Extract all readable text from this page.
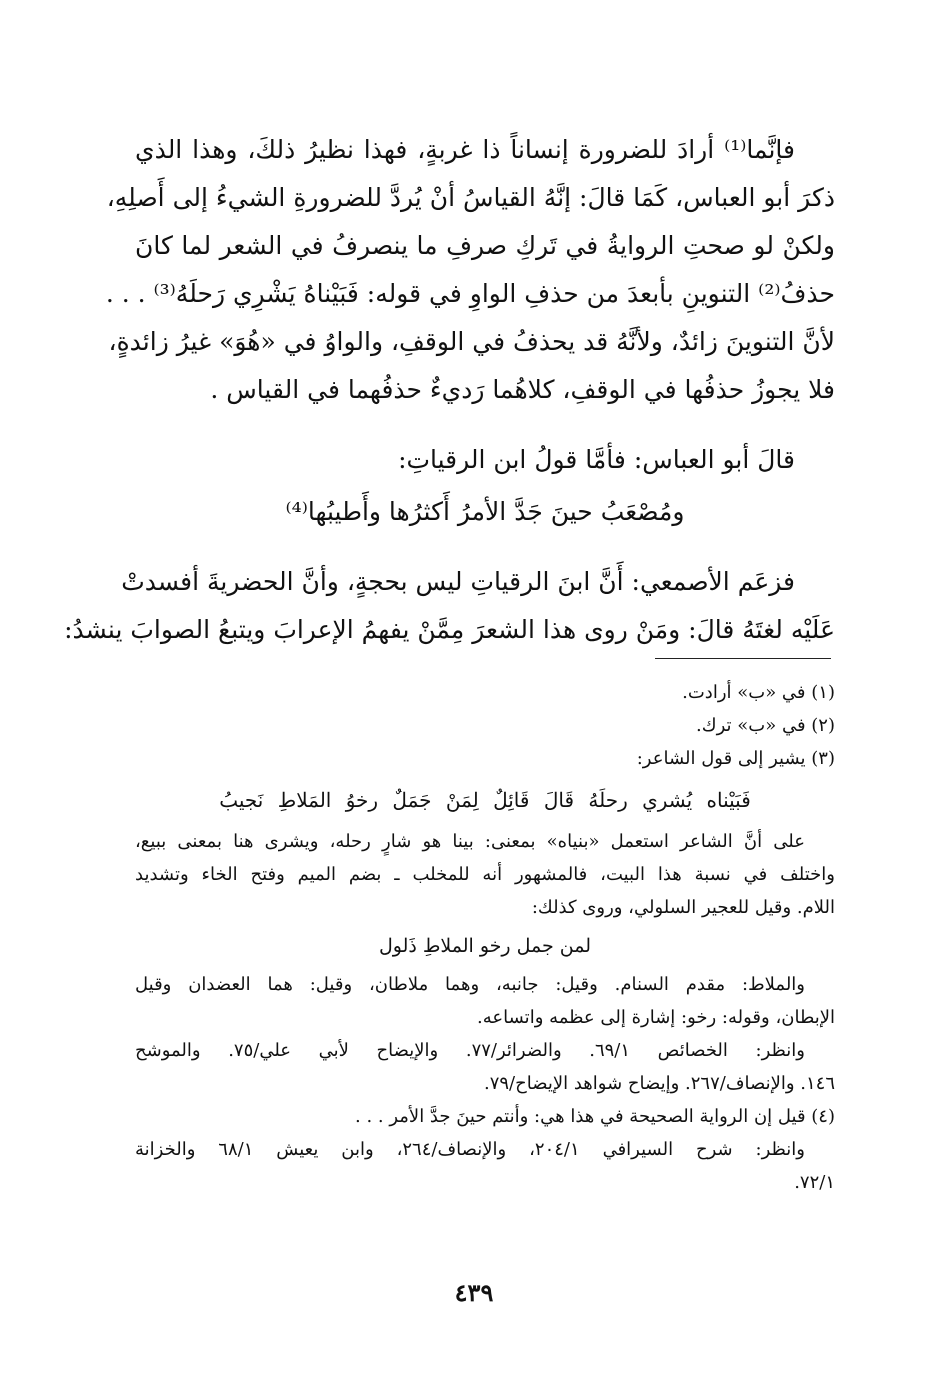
فإنَّما⁽¹⁾ أرادَ للضرورة إنساناً ذا غربةٍ، فهذا نظيرُ ذلكَ، وهذا الذي
ذكرَ أبو العباس، كَمَا قالَ: إنَّهُ القياسُ أنْ يُردَّ للضرورةِ الشيءُ إلى أَصلِهِ،
ولكنْ لو صحتِ الروايةُ في تَركِ صرفِ ما ينصرفُ في الشعر لما كانَ
حذفُ⁽²⁾ التنوينِ بأبعدَ من حذفِ الواوِ في قوله: فَبَيْناهُ يَشْرِي رَحلَهُ⁽³⁾ . . .
لأنَّ التنوينَ زائدٌ، ولأنَّهُ قد يحذفُ في الوقفِ، والواوُ في «هُوَ» غيرُ زائدةٍ،
فلا يجوزُ حذفُها في الوقفِ، كلاهُما رَديءٌ حذفُهما في القياس .
قالَ أبو العباس: فأمَّا قولُ ابن الرقياتِ:
ومُصْعَبُ حينَ جَدَّ الأمرُ أَكثرُها وأَطيبُها⁽⁴⁾
فزعَم الأصمعي: أَنَّ ابنَ الرقياتِ ليس بحجةٍ، وأنَّ الحضريةَ أفسدتْ
عَلَيْه لغتَهُ قالَ: ومَنْ روى هذا الشعرَ مِمَّنْ يفهمُ الإعرابَ ويتبعُ الصوابَ ينشدُ:
(١) في «ب» أرادت.
(٢) في «ب» ترك.
(٣) يشير إلى قول الشاعر:
فَبَيْناه يُشري رحلَهُ قَالَ قَائِلٌ لِمَنْ جَمَلٌ رخوُ المَلاطِ نَجيبُ
على أنَّ الشاعر استعمل «بنياه» بمعنى: بينا هو شارٍ رحله، ويشرى هنا بمعنى ببيع،
واختلف في نسبة هذا البيت، فالمشهور أنه للمخلب ـ بضم الميم وفتح الخاء وتشديد
اللام. وقيل للعجير السلولي، وروى كذلك:
لمن جمل رخو الملاطِ ذَلول
والملاط: مقدم السنام. وقيل: جانبه، وهما ملاطان، وقيل: هما العضدان وقيل
الإبطان، وقوله: رخو: إشارة إلى عظمه واتساعه.
وانظر: الخصائص ٦٩/١. والضرائر/٧٧. والإيضاح لأبي علي/٧٥. والموشح
١٤٦. والإنصاف/٢٦٧. وإيضاح شواهد الإيضاح/٧٩.
(٤) قيل إن الرواية الصحيحة في هذا هي: وأنتم حينَ جدَّ الأمر . . .
وانظر: شرح السيرافي ٢٠٤/١، والإنصاف/٢٦٤، وابن يعيش ٦٨/١ والخزانة
٧٢/١.
٤٣٩
